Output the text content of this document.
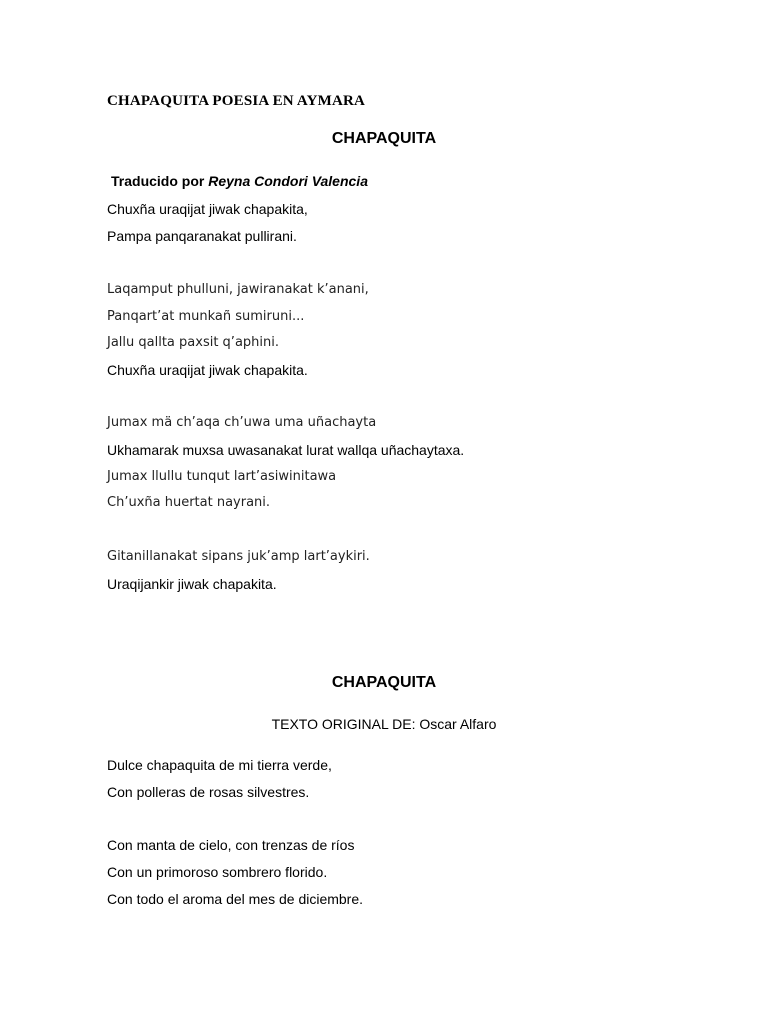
CHAPAQUITA POESIA EN AYMARA
CHAPAQUITA
Traducido por Reyna Condori Valencia
Chuxña uraqijat jiwak chapakita,
Pampa panqaranakat pullirani.
Laqamput phulluni, jawiranakat k’anani,
Panqart’at munkañ sumiruni...
Jallu qallta paxsit q’aphini.
Chuxña uraqijat jiwak chapakita.
Jumax mä ch’aqa ch’uwa uma uñachayta
Ukhamarak muxsa uwasanakat lurat wallqa uñachaytaxa.
Jumax llullu tunqut lart’asiwinitawa
Ch’uxña huertat nayrani.
Gitanillanakat sipans juk’amp lart’aykiri.
Uraqijankir jiwak chapakita.
CHAPAQUITA
TEXTO ORIGINAL DE: Oscar Alfaro
Dulce chapaquita de mi tierra verde,
Con polleras de rosas silvestres.
Con manta de cielo, con trenzas de ríos
Con un primoroso sombrero florido.
Con todo el aroma del mes de diciembre.
